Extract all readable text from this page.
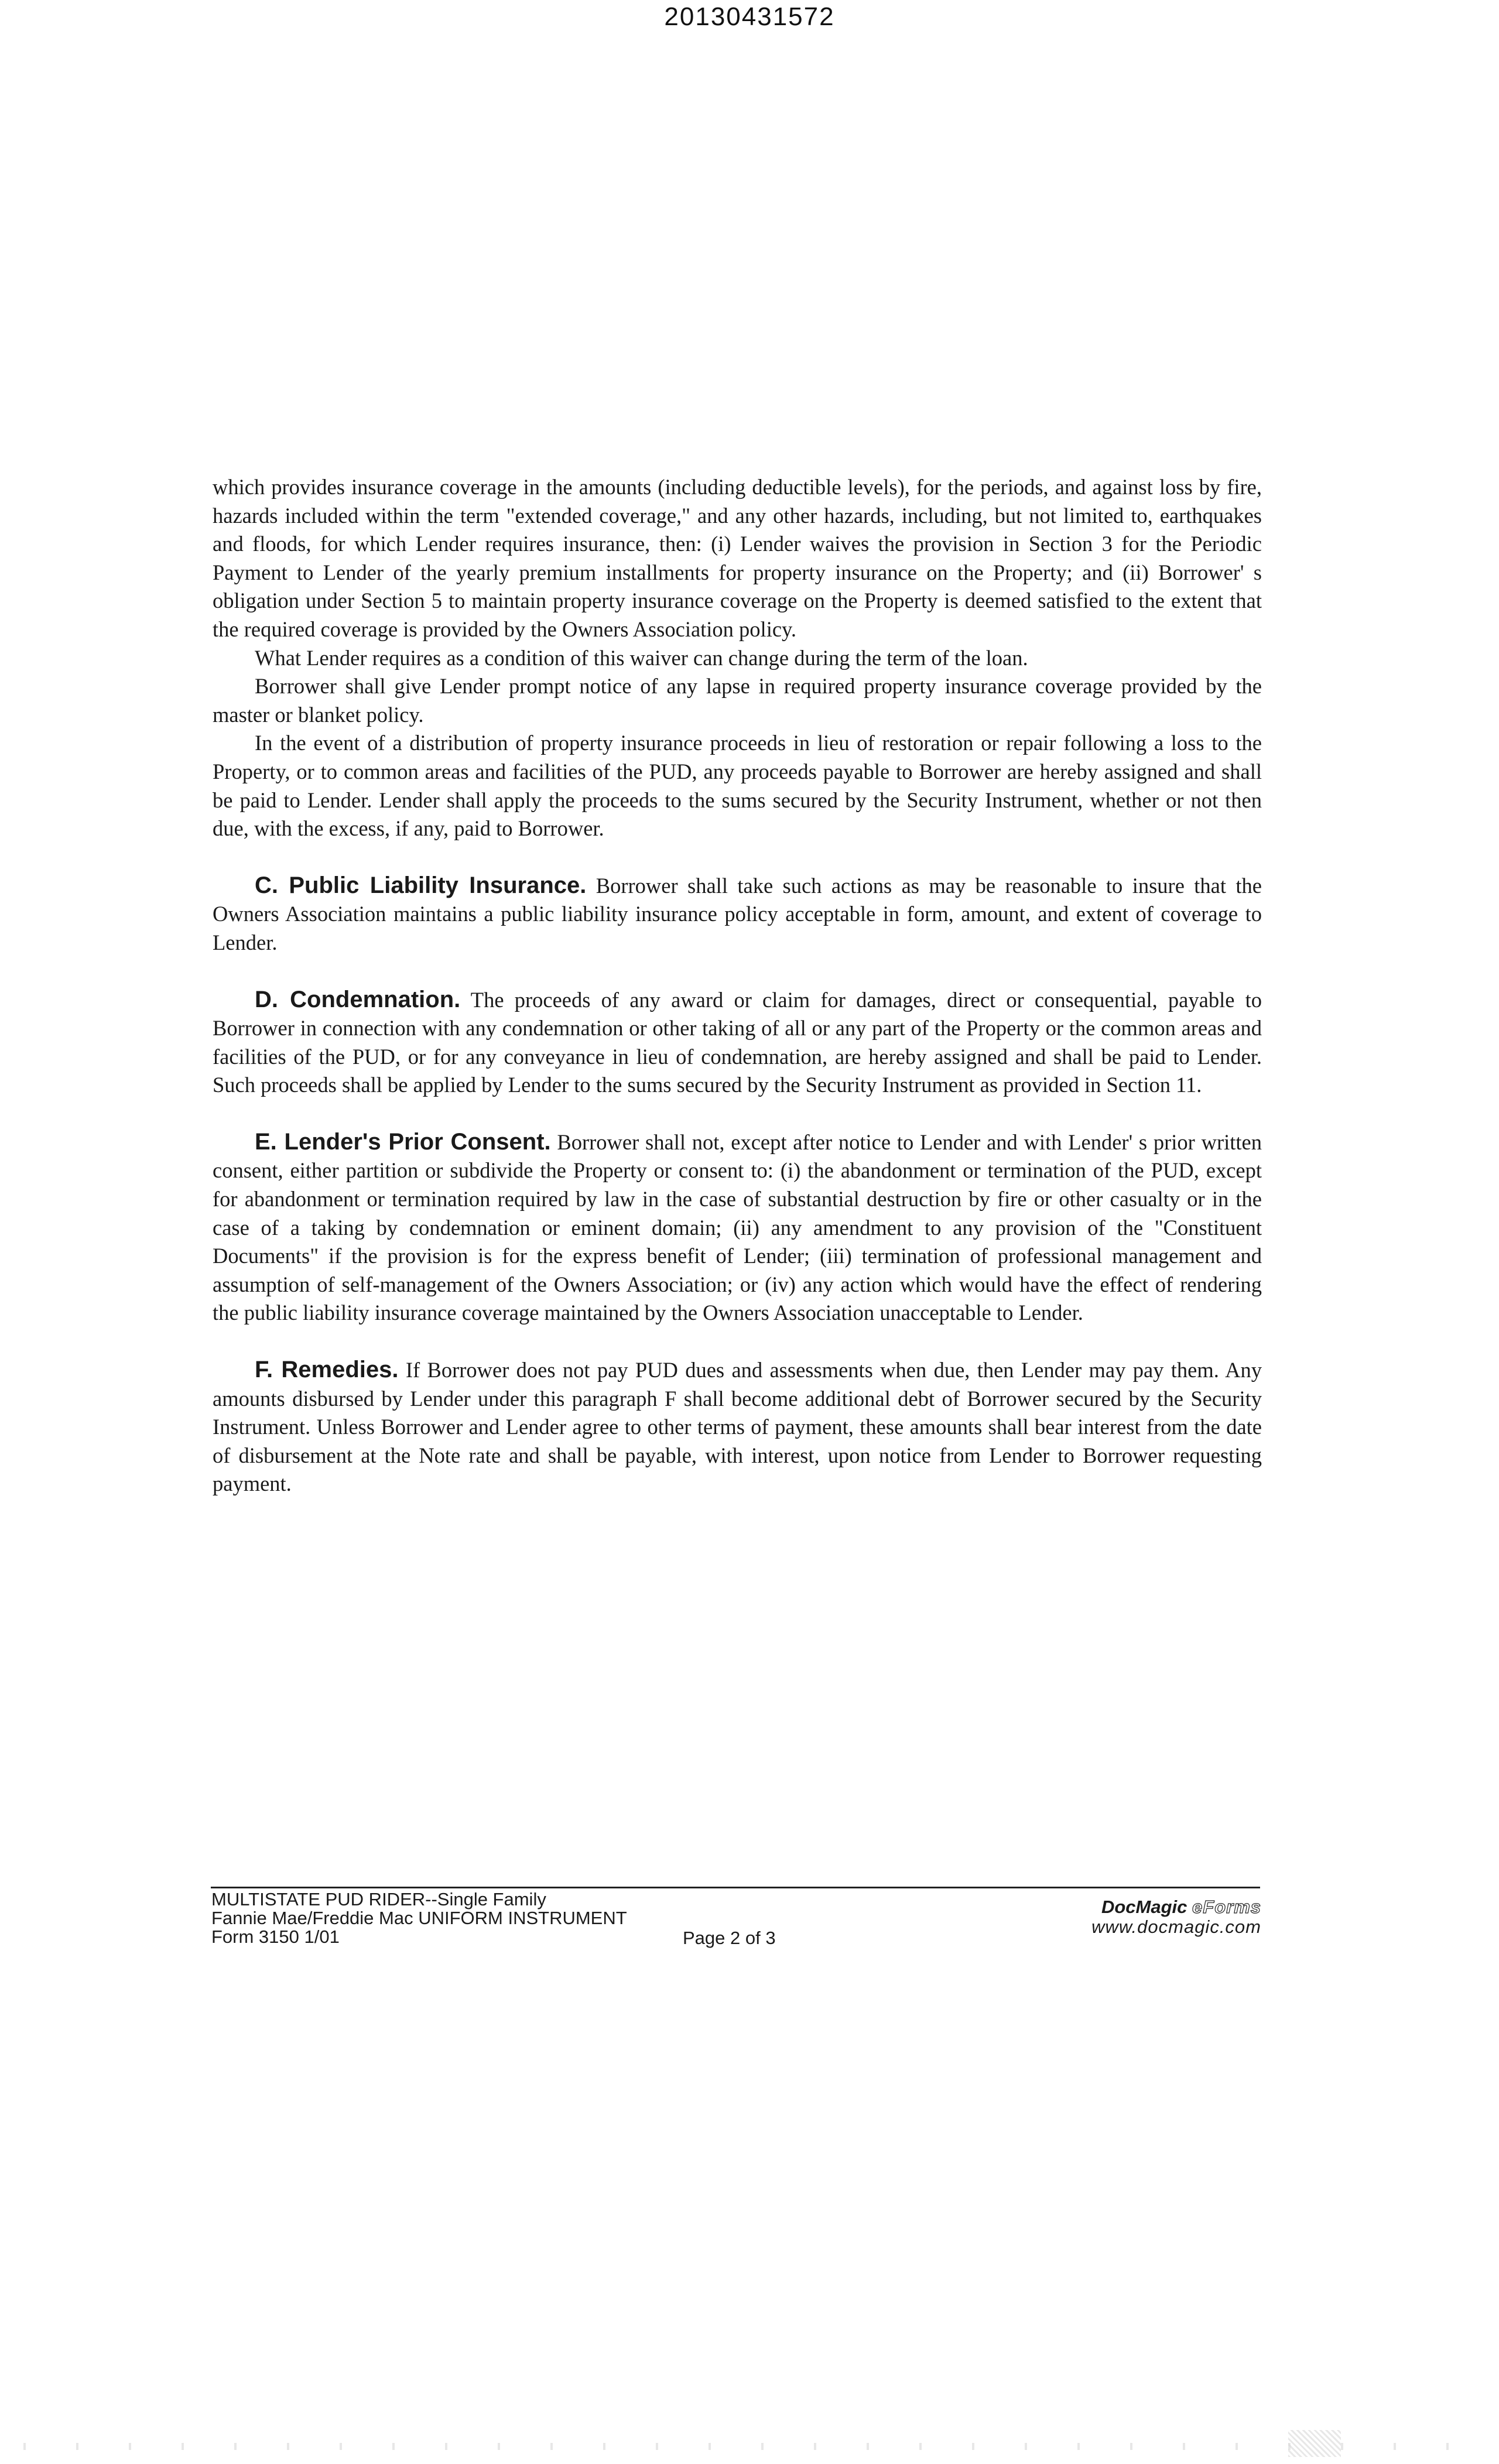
20130431572

which provides insurance coverage in the amounts (including deductible levels), for the periods, and against loss by fire, hazards included within the term "extended coverage," and any other hazards, including, but not limited to, earthquakes and floods, for which Lender requires insurance, then: (i) Lender waives the provision in Section 3 for the Periodic Payment to Lender of the yearly premium installments for property insurance on the Property; and (ii) Borrower' s obligation under Section 5 to maintain property insurance coverage on the Property is deemed satisfied to the extent that the required coverage is provided by the Owners Association policy.

What Lender requires as a condition of this waiver can change during the term of the loan.

Borrower shall give Lender prompt notice of any lapse in required property insurance coverage provided by the master or blanket policy.

In the event of a distribution of property insurance proceeds in lieu of restoration or repair following a loss to the Property, or to common areas and facilities of the PUD, any proceeds payable to Borrower are hereby assigned and shall be paid to Lender. Lender shall apply the proceeds to the sums secured by the Security Instrument, whether or not then due, with the excess, if any, paid to Borrower.

C. Public Liability Insurance. Borrower shall take such actions as may be reasonable to insure that the Owners Association maintains a public liability insurance policy acceptable in form, amount, and extent of coverage to Lender.

D. Condemnation. The proceeds of any award or claim for damages, direct or consequential, payable to Borrower in connection with any condemnation or other taking of all or any part of the Property or the common areas and facilities of the PUD, or for any conveyance in lieu of condemnation, are hereby assigned and shall be paid to Lender. Such proceeds shall be applied by Lender to the sums secured by the Security Instrument as provided in Section 11.

E. Lender's Prior Consent. Borrower shall not, except after notice to Lender and with Lender' s prior written consent, either partition or subdivide the Property or consent to: (i) the abandonment or termination of the PUD, except for abandonment or termination required by law in the case of substantial destruction by fire or other casualty or in the case of a taking by condemnation or eminent domain; (ii) any amendment to any provision of the "Constituent Documents" if the provision is for the express benefit of Lender; (iii) termination of professional management and assumption of self-management of the Owners Association; or (iv) any action which would have the effect of rendering the public liability insurance coverage maintained by the Owners Association unacceptable to Lender.

F. Remedies. If Borrower does not pay PUD dues and assessments when due, then Lender may pay them. Any amounts disbursed by Lender under this paragraph F shall become additional debt of Borrower secured by the Security Instrument. Unless Borrower and Lender agree to other terms of payment, these amounts shall bear interest from the date of disbursement at the Note rate and shall be payable, with interest, upon notice from Lender to Borrower requesting payment.

MULTISTATE PUD RIDER--Single Family
Fannie Mae/Freddie Mac UNIFORM INSTRUMENT
Form 3150 1/01	Page 2 of 3
DocMagic eForms
www.docmagic.com
